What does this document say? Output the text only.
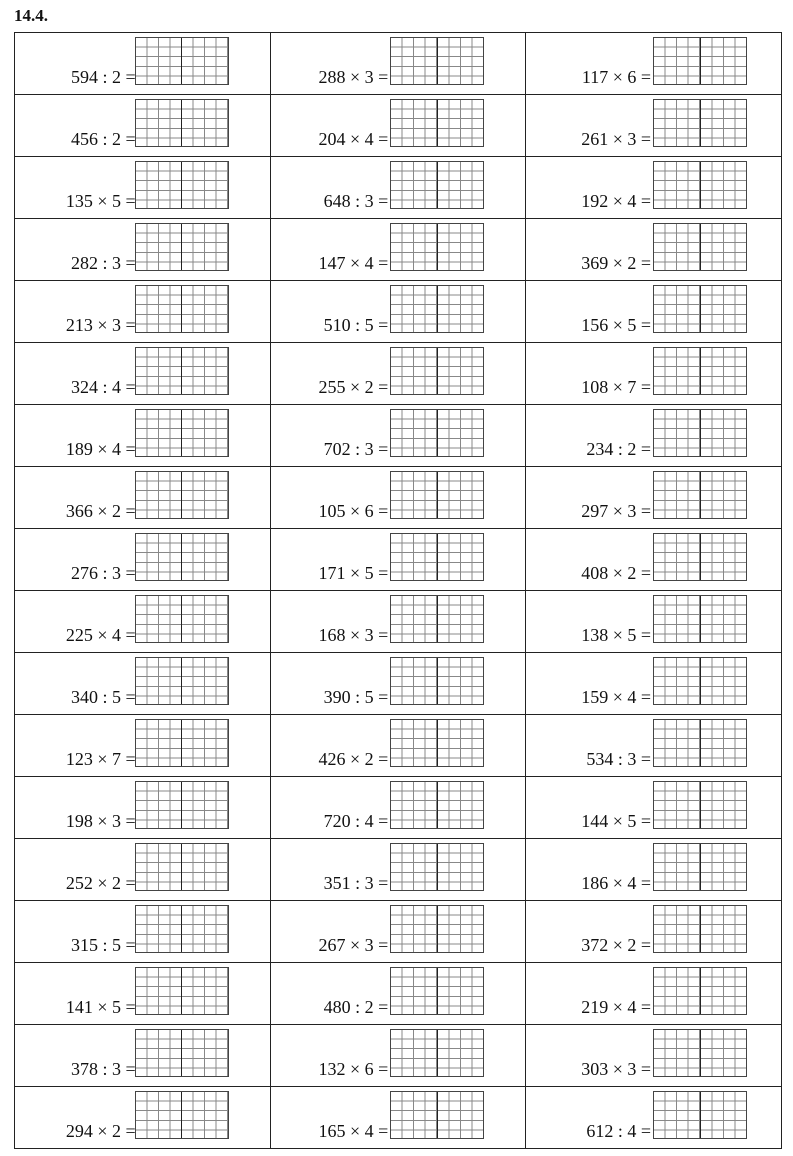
14.4.
594 : 2 =	288 × 3 =	117 × 6 =

456 : 2 =	204 × 4 =	261 × 3 =

135 × 5 =	648 : 3 =	192 × 4 =

282 : 3 =	147 × 4 =	369 × 2 =

213 × 3 =	510 : 5 =	156 × 5 =

324 : 4 =	255 × 2 =	108 × 7 =

189 × 4 =	702 : 3 =	234 : 2 =

366 × 2 =	105 × 6 =	297 × 3 =

276 : 3 =	171 × 5 =	408 × 2 =

225 × 4 =	168 × 3 =	138 × 5 =

340 : 5 =	390 : 5 =	159 × 4 =

123 × 7 =	426 × 2 =	534 : 3 =

198 × 3 =	720 : 4 =	144 × 5 =

252 × 2 =	351 : 3 =	186 × 4 =

315 : 5 =	267 × 3 =	372 × 2 =

141 × 5 =	480 : 2 =	219 × 4 =

378 : 3 =	132 × 6 =	303 × 3 =

294 × 2 =	165 × 4 =	612 : 4 =
